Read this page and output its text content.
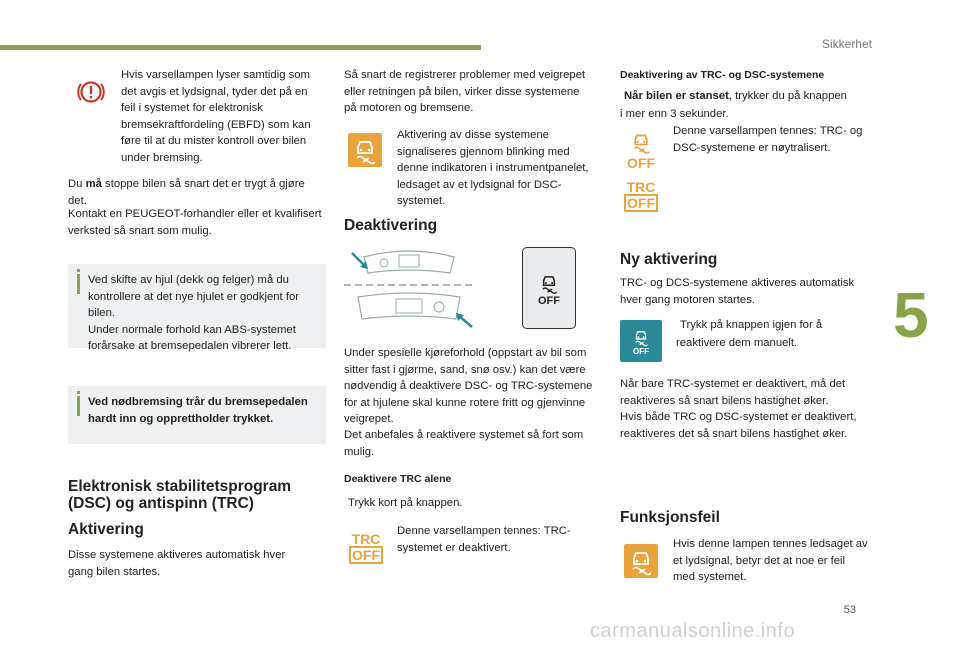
Sikkerhet
5
53
carmanualsonline.info

Hvis varsellampen lyser samtidig som det avgis et lydsignal, tyder det på en feil i systemet for elektronisk bremsekraftfordeling (EBFD) som kan føre til at du mister kontroll over bilen under bremsing.

Du må stoppe bilen så snart det er trygt å gjøre det.

Kontakt en PEUGEOT-forhandler eller et kvalifisert verksted så snart som mulig.

Ved skifte av hjul (dekk og felger) må du kontrollere at det nye hjulet er godkjent for bilen.

Under normale forhold kan ABS-systemet forårsake at bremsepedalen vibrerer lett.

Ved nødbremsing trår du bremsepedalen hardt inn og opprettholder trykket.

Elektronisk stabilitetsprogram (DSC) og antispinn (TRC)
Aktivering

Disse systemene aktiveres automatisk hver gang bilen startes.

Så snart de registrerer problemer med veigrepet eller retningen på bilen, virker disse systemene på motoren og bremsene.

Aktivering av disse systemene signaliseres gjennom blinking med denne indikatoren i instrumentpanelet, ledsaget av et lydsignal for DSC-systemet.

Deaktivering
OFF

Under spesielle kjøreforhold (oppstart av bil som sitter fast i gjørme, sand, snø osv.) kan det være nødvendig å deaktivere DSC- og TRC-systemene for at hjulene skal kunne rotere fritt og gjenvinne veigrepet.

Det anbefales å reaktivere systemet så fort som mulig.

Deaktivere TRC alene

Trykk kort på knappen.

TRC
OFF

Denne varsellampen tennes: TRC-systemet er deaktivert.

Deaktivering av TRC- og DSC-systemene

Når bilen er stanset, trykker du på knappen i mer enn 3 sekunder.

OFF

Denne varsellampen tennes: TRC- og DSC-systemene er nøytralisert.

TRC
OFF
Ny aktivering

TRC- og DCS-systemene aktiveres automatisk hver gang motoren startes.

OFF

Trykk på knappen igjen for å reaktivere dem manuelt.

Når bare TRC-systemet er deaktivert, må det reaktiveres så snart bilens hastighet øker.

Hvis både TRC og DSC-systemet er deaktivert, reaktiveres det så snart bilens hastighet øker.

Funksjonsfeil

Hvis denne lampen tennes ledsaget av et lydsignal, betyr det at noe er feil med systemet.
